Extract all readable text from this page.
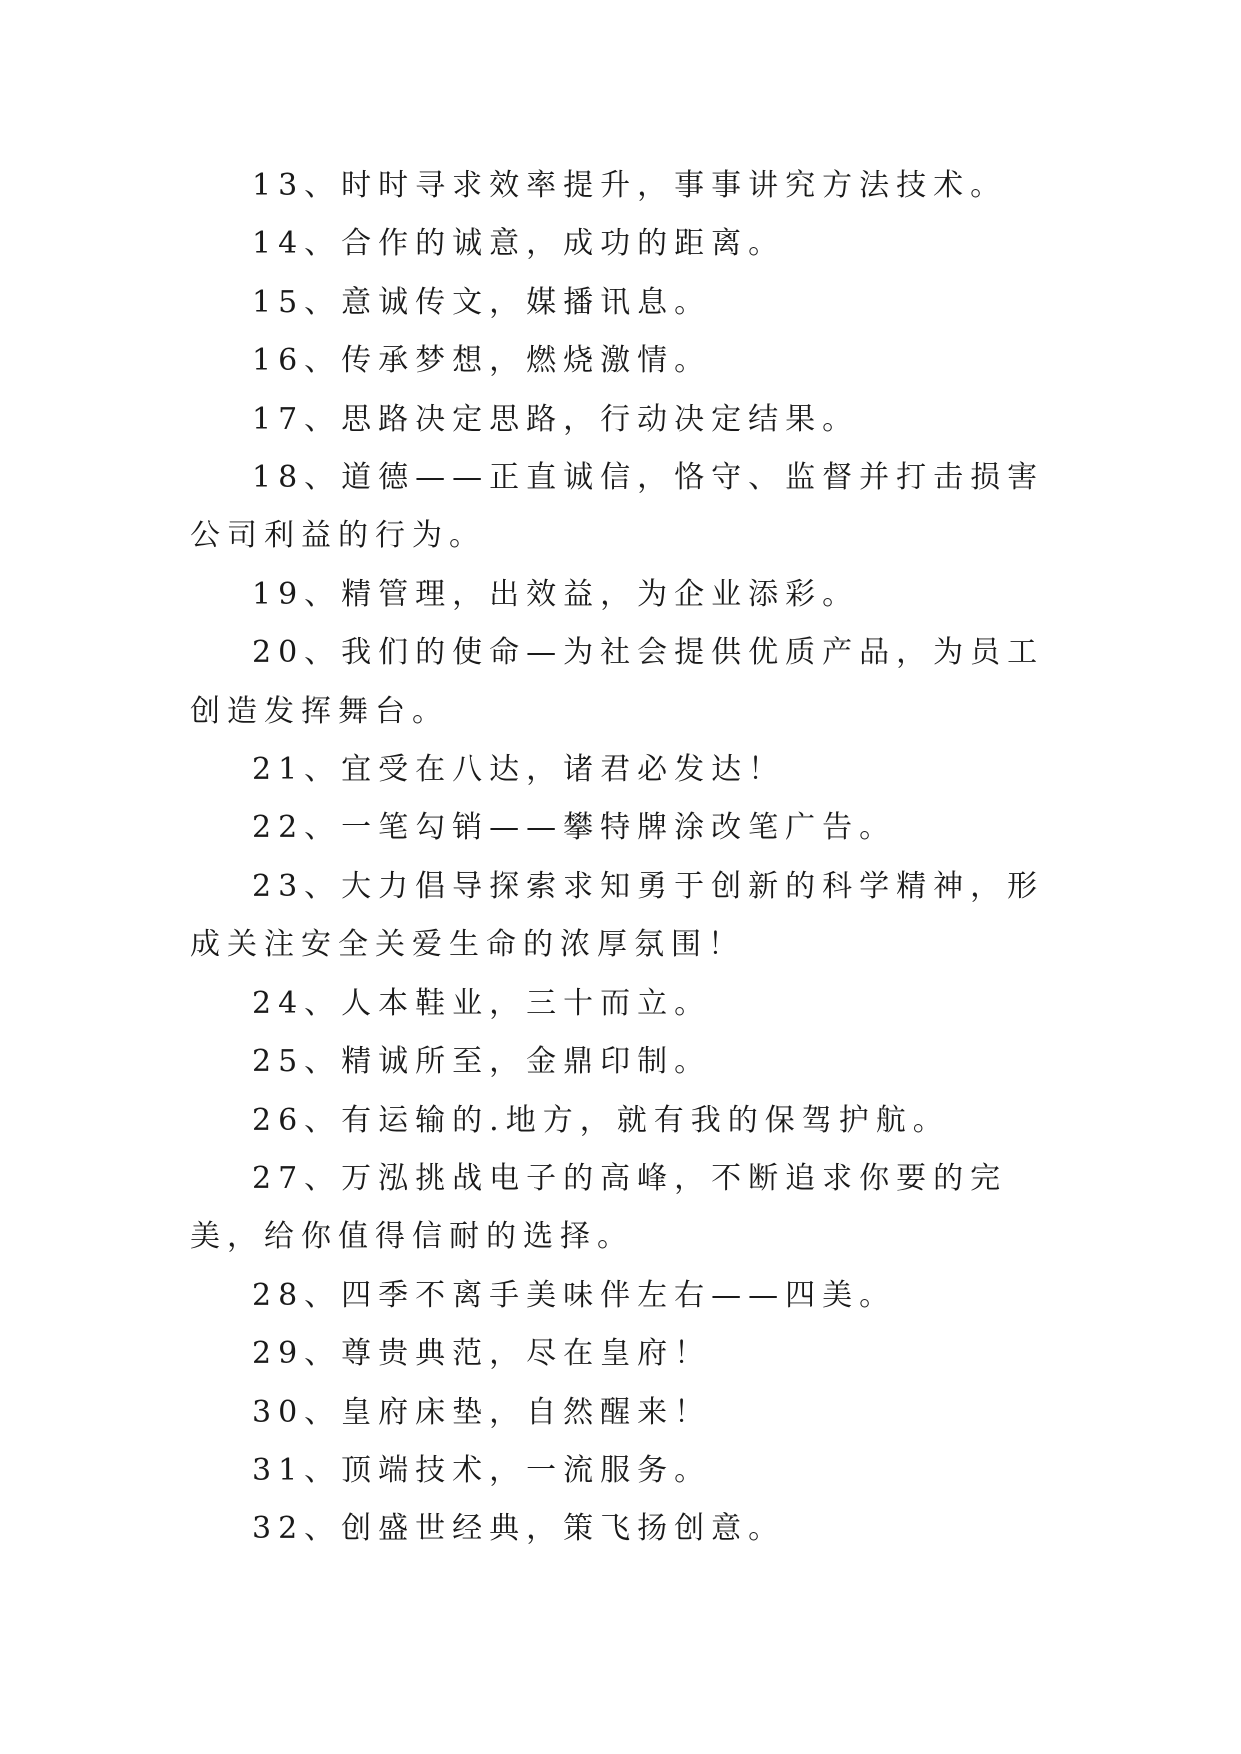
13、时时寻求效率提升，事事讲究方法技术。

14、合作的诚意，成功的距离。

15、意诚传文，媒播讯息。

16、传承梦想，燃烧激情。

17、思路决定思路，行动决定结果。

18、道德——正直诚信，恪守、监督并打击损害公司利益的行为。

19、精管理，出效益，为企业添彩。

20、我们的使命—为社会提供优质产品，为员工创造发挥舞台。

21、宜受在八达，诸君必发达！

22、一笔勾销——攀特牌涂改笔广告。

23、大力倡导探索求知勇于创新的科学精神，形成关注安全关爱生命的浓厚氛围！

24、人本鞋业，三十而立。

25、精诚所至，金鼎印制。

26、有运输的.地方，就有我的保驾护航。

27、万泓挑战电子的高峰，不断追求你要的完美，给你值得信耐的选择。

28、四季不离手美味伴左右——四美。

29、尊贵典范，尽在皇府！

30、皇府床垫，自然醒来！

31、顶端技术，一流服务。

32、创盛世经典，策飞扬创意。
